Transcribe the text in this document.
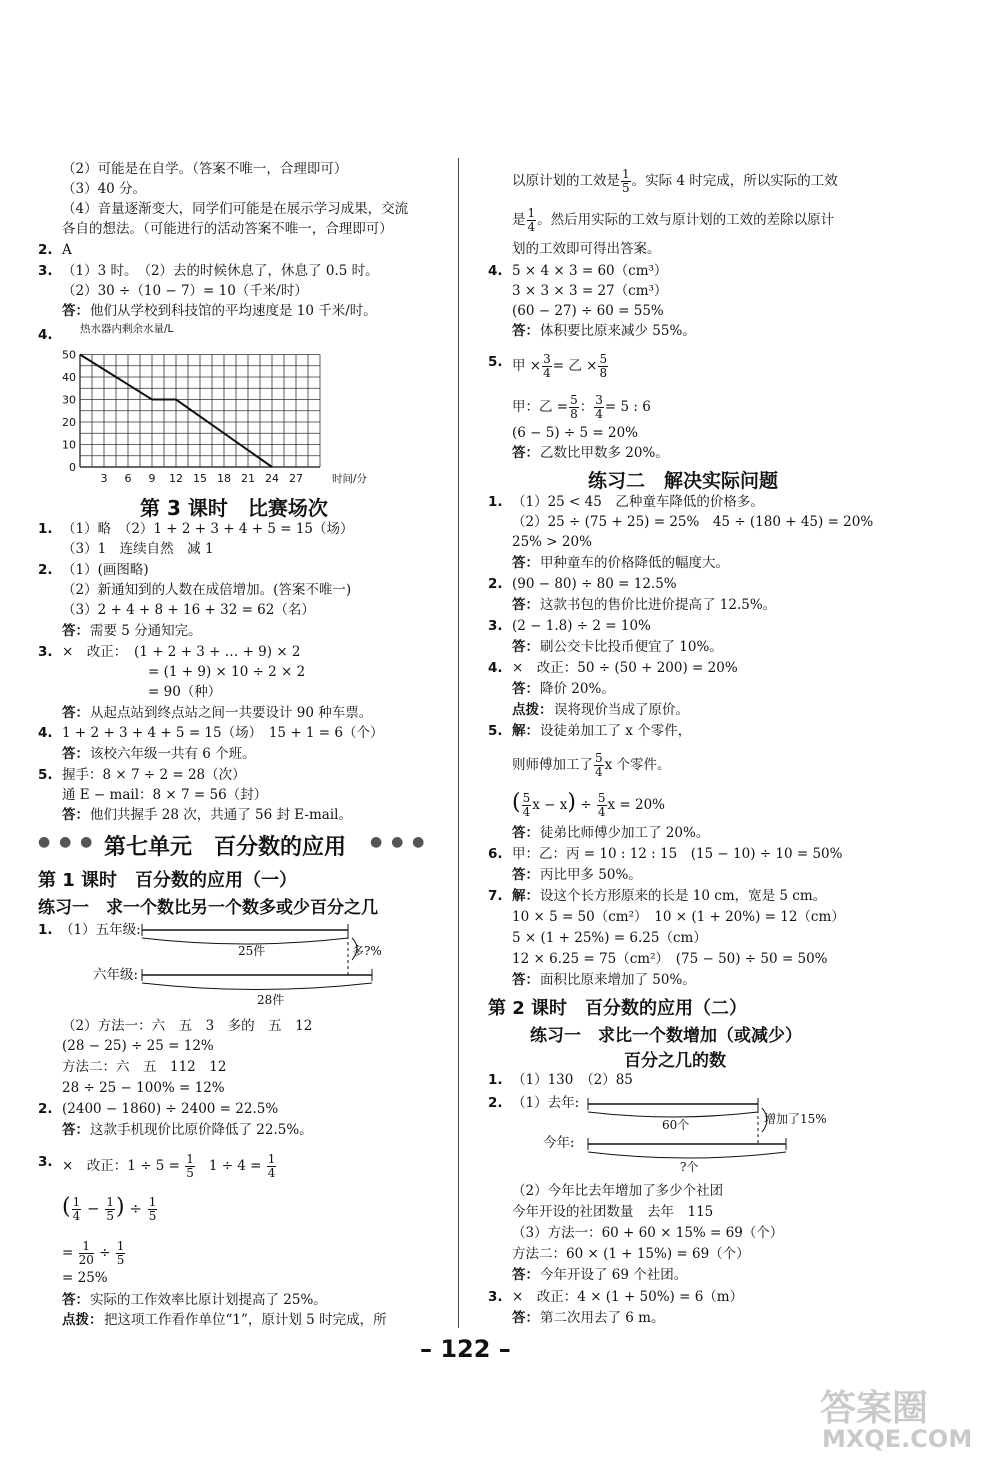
（2）可能是在自学。（答案不唯一，合理即可）
（3）40 分。
（4）音量逐渐变大，同学们可能是在展示学习成果，交流
各自的想法。（可能进行的活动答案不唯一，合理即可）
2. A
3. （1）3 时。　（2）去的时候休息了，休息了 0.5 时。
（2）30 ÷（10 − 7）= 10（千米/时）
答： 他们从学校到科技馆的平均速度是 10 千米/时。
4.	热水器内剩余水量/L
0
10
20
30
40
50
3 6 9 12 15 18 21 24 27	时间/分
第 3 课时　比赛场次
1. （1）略　（2）1 + 2 + 3 + 4 + 5 = 15（场）
（3）1　连续自然　减 1
2. （1）(画图略)
（2）新通知到的人数在成倍增加。(答案不唯一)
（3）2 + 4 + 8 + 16 + 32 = 62（名）
答： 需要 5 分通知完。
3. ×　改正：　(1 + 2 + 3 + … + 9) × 2
= (1 + 9) × 10 ÷ 2 × 2
= 90（种）
答： 从起点站到终点站之间一共要设计 90 种车票。
4. 1 + 2 + 3 + 4 + 5 = 15（场）　15 + 1 = 6（个）
答： 该校六年级一共有 6 个班。
5. 握手：8 × 7 ÷ 2 = 28（次）
通 E − mail：8 × 7 = 56（封）
答： 他们共握手 28 次，共通了 56 封 E-mail。
● ● ● 第七单元　百分数的应用 ● ● ●
第 1 课时　百分数的应用（一）
练习一　求一个数比另一个数多或少百分之几
1. （1）五年级:
六年级:
25件	多?%
28件
（2）方法一：六　五　3　多的　五　12
(28 − 25) ÷ 25 = 12%
方法二：六　五　112　12
28 ÷ 25 − 100% = 12%
2. (2400 − 1860) ÷ 2400 = 22.5%
答： 这款手机现价比原价降低了 22.5%。
3. ×　改正：$1 \div 5 = \frac{1}{5} 1 \div 4 = \frac{1}{4}$
( $\frac{1}{4} - \frac{1}{5}$ ) ÷ $\frac{1}{5}$
= $\frac{1}{20} \div \frac{1}{5}$
= 25%
答： 实际的工作效率比原计划提高了 25%。
点拨： 把这项工作看作单位“1”，原计划 5 时完成，所
以原计划的工效是 $\frac{1}{5}$ 。实际 4 时完成，所以实际的工效
是 $\frac{1}{4}$ 。然后用实际的工效与原计划的工效的差除以原计
划的工效即可得出答案。
4. 5 × 4 × 3 = 60（cm³）
3 × 3 × 3 = 27（cm³）
(60 − 27) ÷ 60 = 55%
答： 体积要比原来减少 55%。
5. 甲 × $\frac{3}{4}$ = 乙 × $\frac{5}{8}$
甲：乙 = $\frac{5}{8}$ ： $\frac{3}{4} = 5$ : 6
(6 − 5) ÷ 5 = 20%
答： 乙数比甲数多 20%。
练习二　解决实际问题
1. （1）25 < 45　乙种童车降低的价格多。
（2）25 ÷ (75 + 25) = 25%　45 ÷ (180 + 45) = 20%
25% > 20%
答： 甲种童车的价格降低的幅度大。
2. (90 − 80) ÷ 80 = 12.5%
答： 这款书包的售价比进价提高了 12.5%。
3. (2 − 1.8) ÷ 2 = 10%
答： 刷公交卡比投币便宜了 10%。
4. ×　改正：50 ÷ (50 + 200) = 20%
答： 降价 20%。
点拨： 误将现价当成了原价。
5. 解： 设徒弟加工了 x 个零件，
则师傅加工了 $\frac{5}{4}$ x 个零件。
( $\frac{5}{4}$ $x - x) \div \frac{5}{4}$ x = 20%
答： 徒弟比师傅少加工了 20%。
6. 甲：乙：丙 = 10 : 12 : 15　(15 − 10) ÷ 10 = 50%
答： 丙比甲多 50%。
7. 解： 设这个长方形原来的长是 10 cm，宽是 5 cm。
10 × 5 = 50（cm²）　10 × (1 + 20%) = 12（cm）
5 × (1 + 25%) = 6.25（cm）
12 × 6.25 = 75（cm²）　(75 − 50) ÷ 50 = 50%
答： 面积比原来增加了 50%。
第 2 课时　百分数的应用（二）
练习一　求比一个数增加（或减少）
百分之几的数
1. （1）130　（2）85
2. （1）去年:
今年:
60个	增加了15%
?个
（2）今年比去年增加了多少个社团
今年开设的社团数量　去年　115
（3）方法一：60 + 60 × 15% = 69（个）
方法二：60 × (1 + 15%) = 69（个）
答： 今年开设了 69 个社团。
3. ×　改正：4 × (1 + 50%) = 6（m）
答： 第二次用去了 6 m。
– 122 –
答案圈
MXQE.COM
